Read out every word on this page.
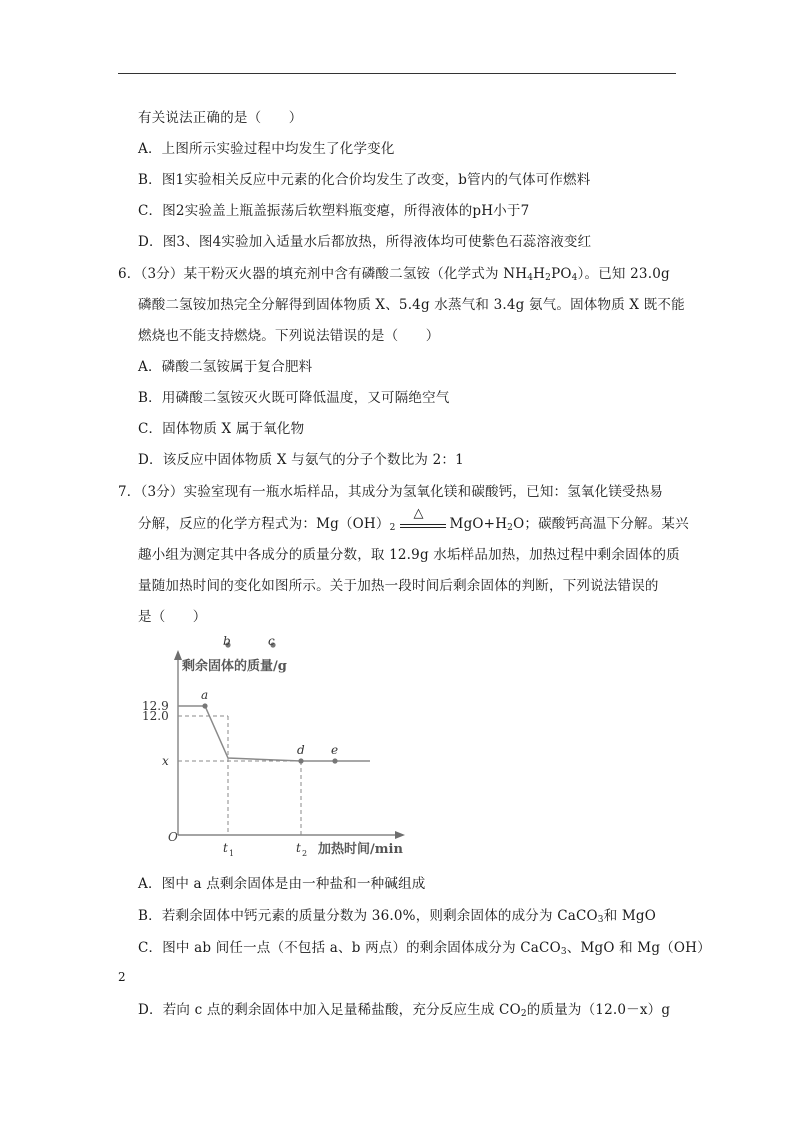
有关说法正确的是（　　）
A．上图所示实验过程中均发生了化学变化
B．图1实验相关反应中元素的化合价均发生了改变，b管内的气体可作燃料
C．图2实验盖上瓶盖振荡后软塑料瓶变瘪，所得液体的pH小于7
D．图3、图4实验加入适量水后都放热，所得液体均可使紫色石蕊溶液变红
6．（3分）某干粉灭火器的填充剂中含有磷酸二氢铵（化学式为 $NH_4H_2PO_4$）。已知 23.0g
磷酸二氢铵加热完全分解得到固体物质 X、5.4g 水蒸气和 3.4g 氨气。固体物质 X 既不能
燃烧也不能支持燃烧。下列说法错误的是（　　）
A．磷酸二氢铵属于复合肥料
B．用磷酸二氢铵灭火既可降低温度，又可隔绝空气
C．固体物质 X 属于氧化物
D．该反应中固体物质 X 与氨气的分子个数比为 2：1
7．（3分）实验室现有一瓶水垢样品，其成分为氢氧化镁和碳酸钙，已知：氢氧化镁受热易
分解，反应的化学方程式为：$Mg(OH)_2$
△
$MgO+H_2O$；碳酸钙高温下分解。某兴
趣小组为测定其中各成分的质量分数，取 12.9g 水垢样品加热，加热过程中剩余固体的质
量随加热时间的变化如图所示。关于加热一段时间后剩余固体的判断，下列说法错误的
是（　　）
剩余固体的质量/g
加热时间/min
O
12.9
12.0
x
t 1	t 2
a
b	c
d e
A．图中 a 点剩余固体是由一种盐和一种碱组成
B．若剩余固体中钙元素的质量分数为 36.0%，则剩余固体的成分为 CaCO$_3$和 MgO
C．图中 ab 间任一点（不包括 a、b 两点）的剩余固体成分为 CaCO$_3$、MgO 和 Mg（OH）
2
D．若向 c 点的剩余固体中加入足量稀盐酸，充分反应生成 $CO_2$的质量为（12.0－x）g
